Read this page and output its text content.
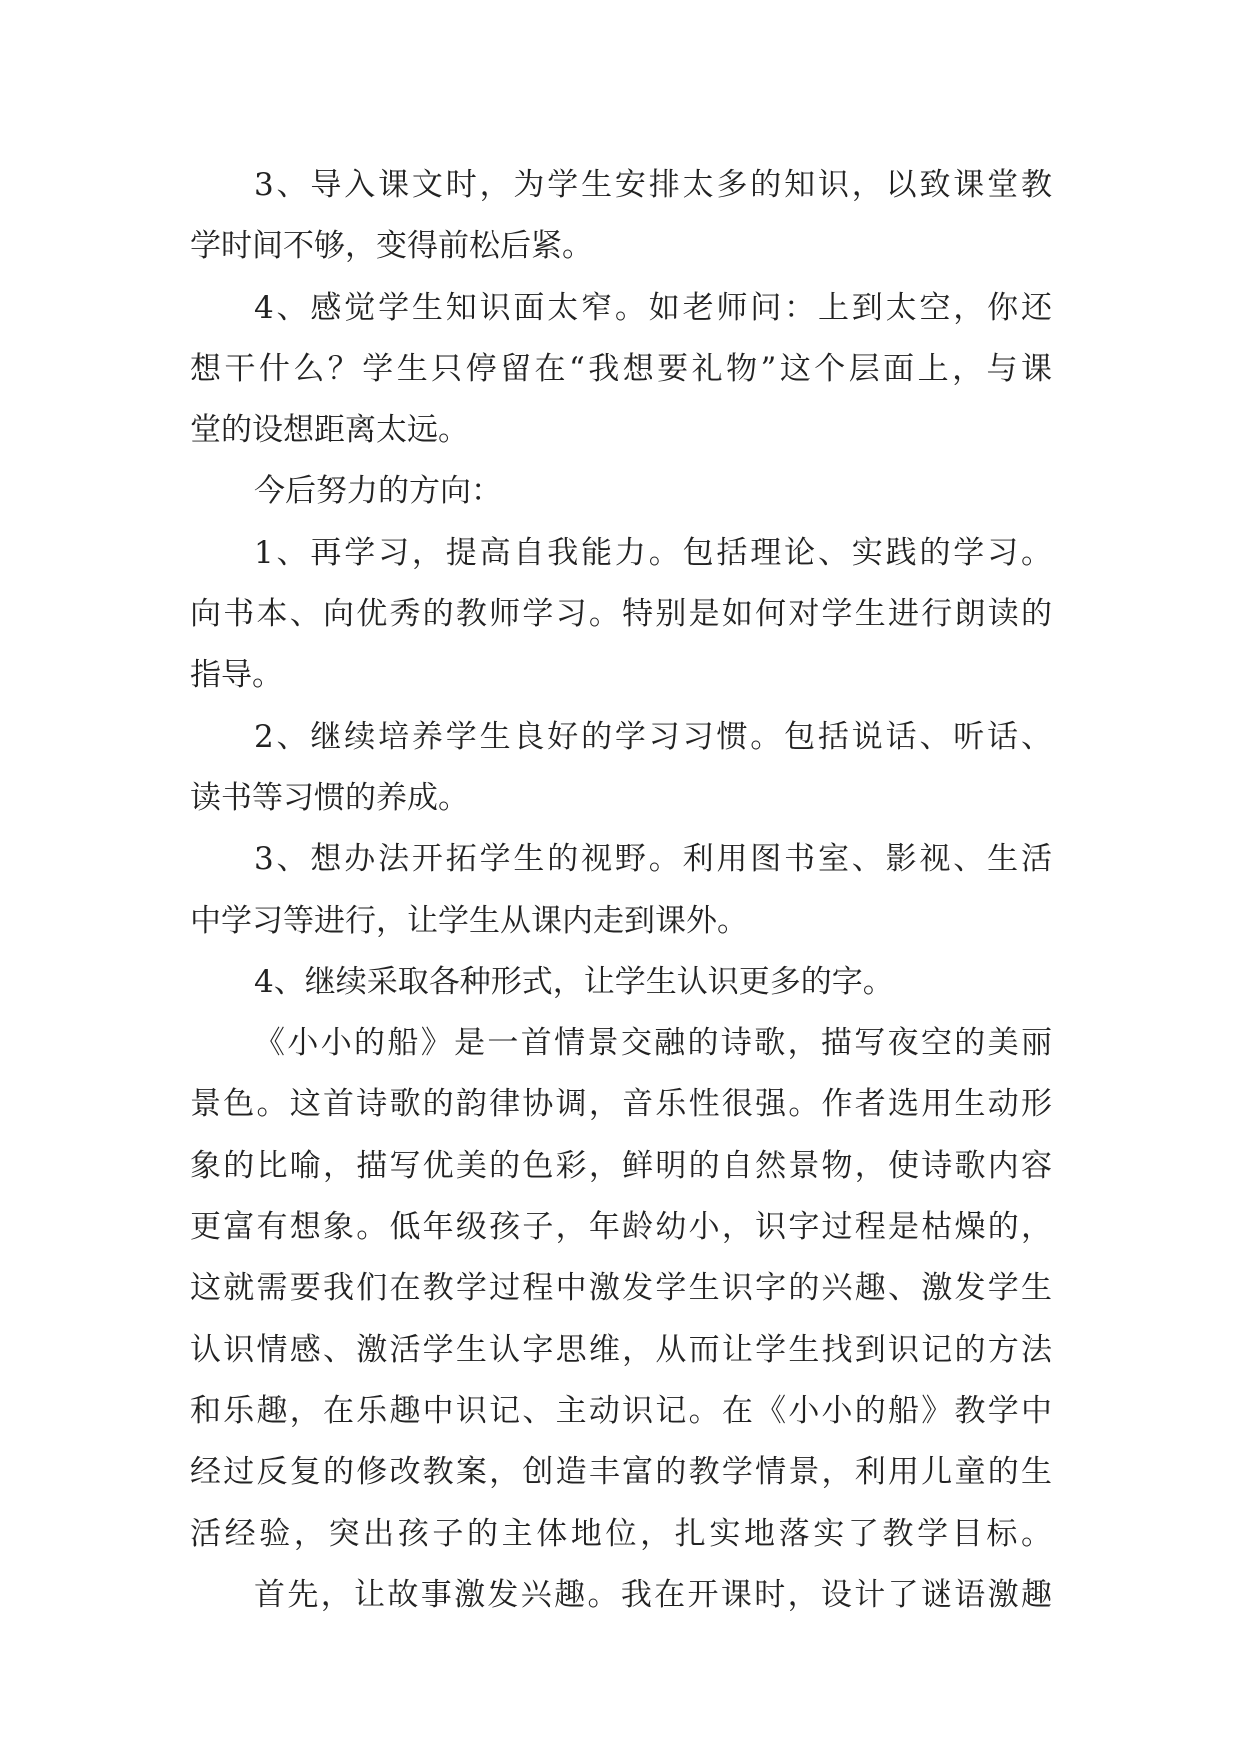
3、导入课文时，为学生安排太多的知识，以致课堂教
学时间不够，变得前松后紧。
4、感觉学生知识面太窄。如老师问：上到太空，你还
想干什么？学生只停留在“我想要礼物”这个层面上，与课
堂的设想距离太远。
今后努力的方向：
1、再学习，提高自我能力。包括理论、实践的学习。
向书本、向优秀的教师学习。特别是如何对学生进行朗读的
指导。
2、继续培养学生良好的学习习惯。包括说话、听话、
读书等习惯的养成。
3、想办法开拓学生的视野。利用图书室、影视、生活
中学习等进行，让学生从课内走到课外。
4、继续采取各种形式，让学生认识更多的字。
《小小的船》是一首情景交融的诗歌，描写夜空的美丽
景色。这首诗歌的韵律协调，音乐性很强。作者选用生动形
象的比喻，描写优美的色彩，鲜明的自然景物，使诗歌内容
更富有想象。低年级孩子，年龄幼小，识字过程是枯燥的，
这就需要我们在教学过程中激发学生识字的兴趣、激发学生
认识情感、激活学生认字思维，从而让学生找到识记的方法
和乐趣，在乐趣中识记、主动识记。在《小小的船》教学中
经过反复的修改教案，创造丰富的教学情景，利用儿童的生
活经验，突出孩子的主体地位，扎实地落实了教学目标。
首先，让故事激发兴趣。我在开课时，设计了谜语激趣
